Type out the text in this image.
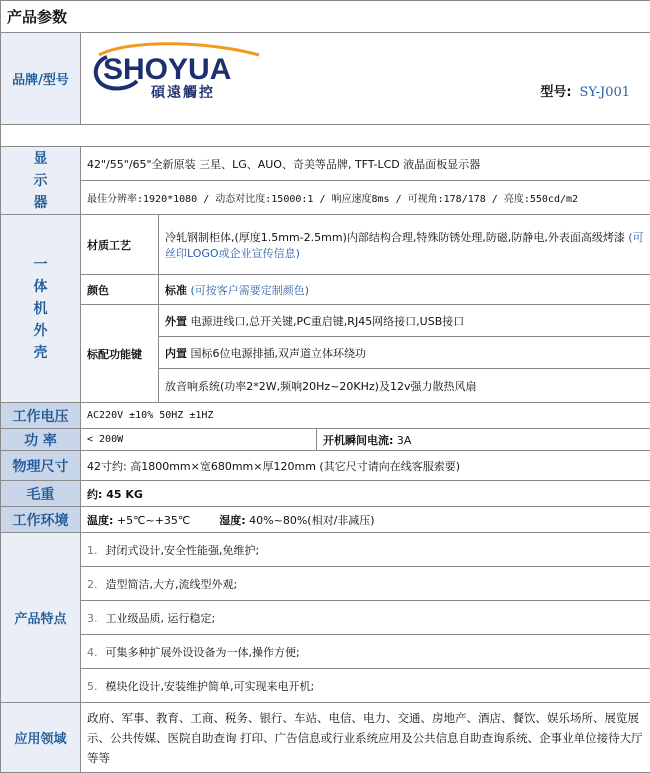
产品参数			
品牌/型号	SHOYUA
碩遠觸控 型号: SY-J001		

显示器	42"/55"/65"全新原装 三星、LG、AUO、奇美等品牌, TFT-LCD 液晶面板显示器		
	最佳分辨率:1920*1080 / 动态对比度:15000:1 / 响应速度8ms / 可视角:178/178 / 亮度:550cd/m2		

一体机外壳	材质工艺	冷轧钢制柜体,(厚度1.5mm-2.5mm)内部结构合理,特殊防锈处理,防磁,防静电,外表面高级烤漆 (可丝印LOGO或企业宣传信息)	
	颜色	标准 (可按客户需要定制颜色)	
	标配功能键	外置 电源进线口,总开关键,PC重启键,RJ45网络接口,USB接口	
		内置 国标6位电源排插,双声道立体环绕功	
		放音响系统(功率2*2W,频响20Hz~20KHz)及12v强力散热风扇	
工作电压	AC220V ±10% 50HZ ±1HZ		
功 率	< 200W		开机瞬间电流: 3A
物理尺寸	42寸约: 高1800mm×宽680mm×厚120mm (其它尺寸请向在线客服索要)		
毛重	约: 45 KG		
工作环境	温度: +5℃~+35℃ 湿度: 40%~80%(相对/非减压)		
产品特点	1. 封闭式设计,安全性能强,免维护;		
	2. 造型简洁,大方,流线型外观;		
	3. 工业级品质, 运行稳定;		
	4. 可集多种扩展外设设备为一体,操作方便;		
	5. 模块化设计,安装维护简单,可实现来电开机;		
应用领域	政府、军事、教育、工商、税务、银行、车站、电信、电力、交通、房地产、酒店、餐饮、娱乐场所、展览展示、公共传媒、医院自助查询 打印、广告信息或行业系统应用及公共信息自助查询系统、企事业单位接待大厅等等		
